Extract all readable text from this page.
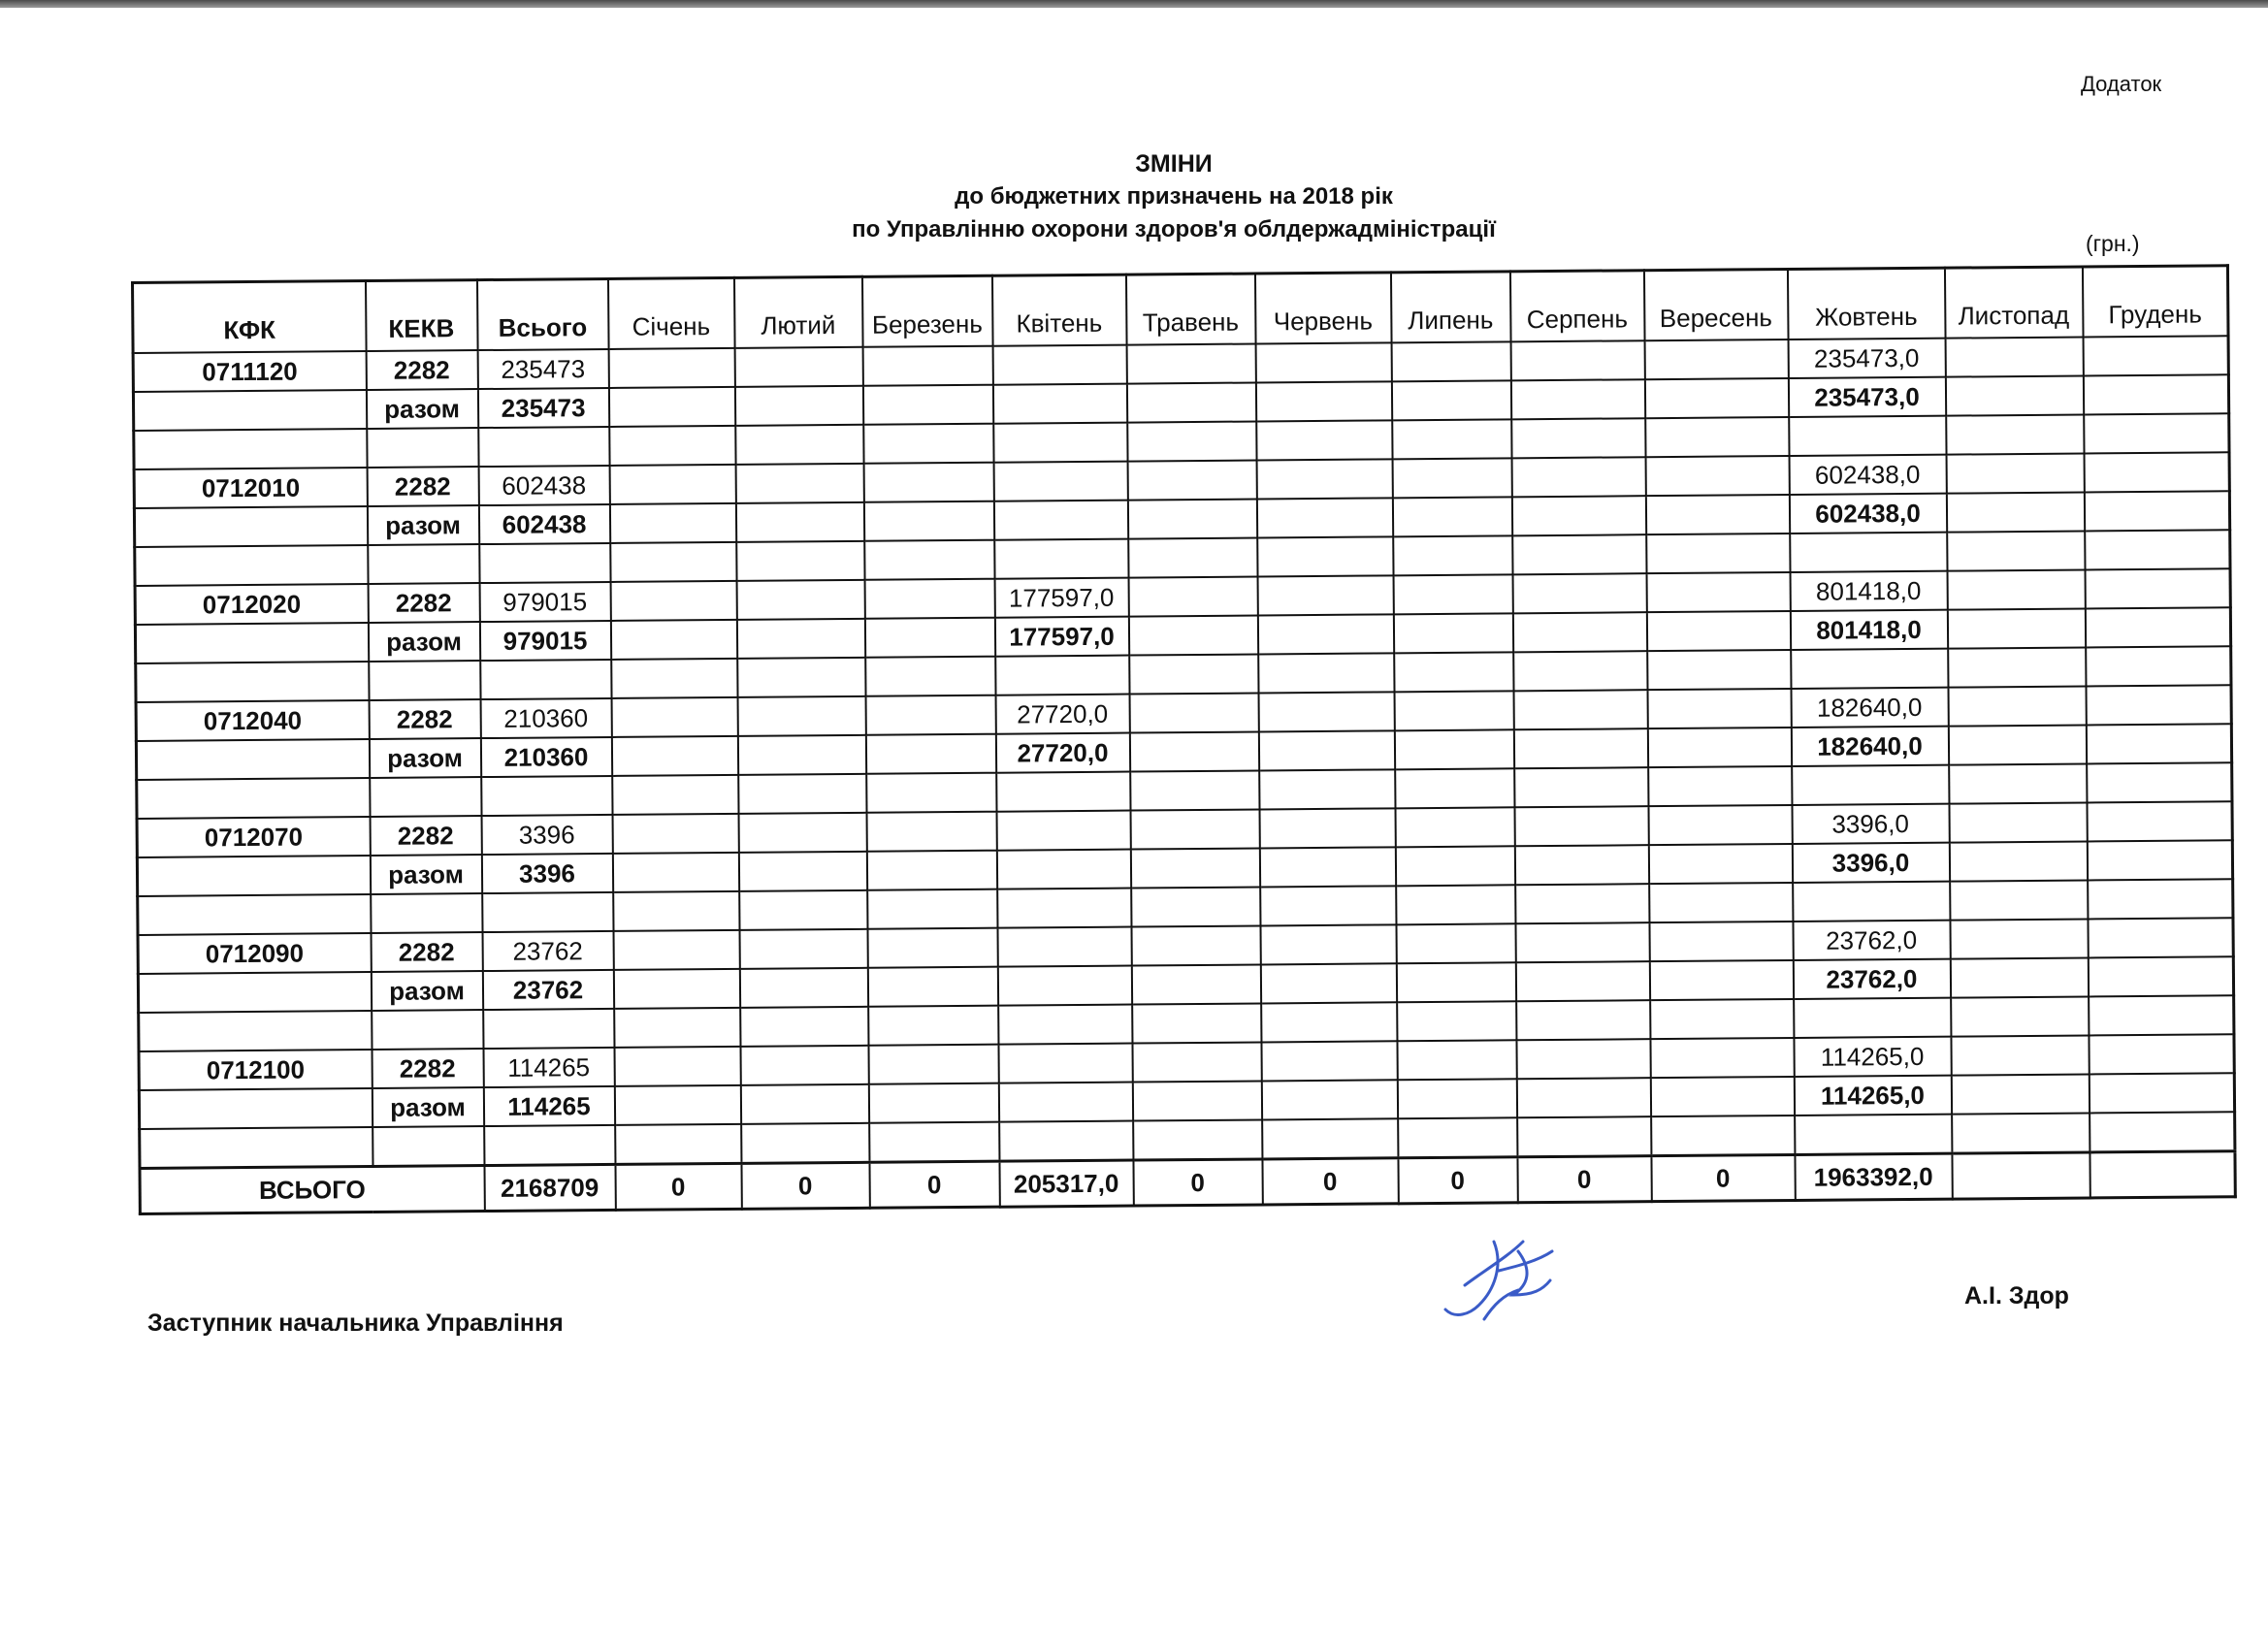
Додаток
ЗМІНИ
до бюджетних призначень на 2018 рік
по Управлінню охорони здоров'я облдержадміністрації
(грн.)
КФК	КЕКВ	Всього	Січень	Лютий	Березень	Квітень	Травень	Червень	Липень	Серпень	Вересень	Жовтень	Листопад	Грудень
0711120	2282	235473										235473,0		
	разом	235473										235473,0		

0712010	2282	602438										602438,0		
	разом	602438										602438,0		

0712020	2282	979015				177597,0						801418,0		
	разом	979015				177597,0						801418,0		

0712040	2282	210360				27720,0						182640,0		
	разом	210360				27720,0						182640,0		

0712070	2282	3396										3396,0		
	разом	3396										3396,0		

0712090	2282	23762										23762,0		
	разом	23762										23762,0		

0712100	2282	114265										114265,0		
	разом	114265										114265,0		

ВСЬОГО		2168709	0	0	0	205317,0	0	0	0	0	0	1963392,0		
Заступник начальника Управління
А.І. Здор
